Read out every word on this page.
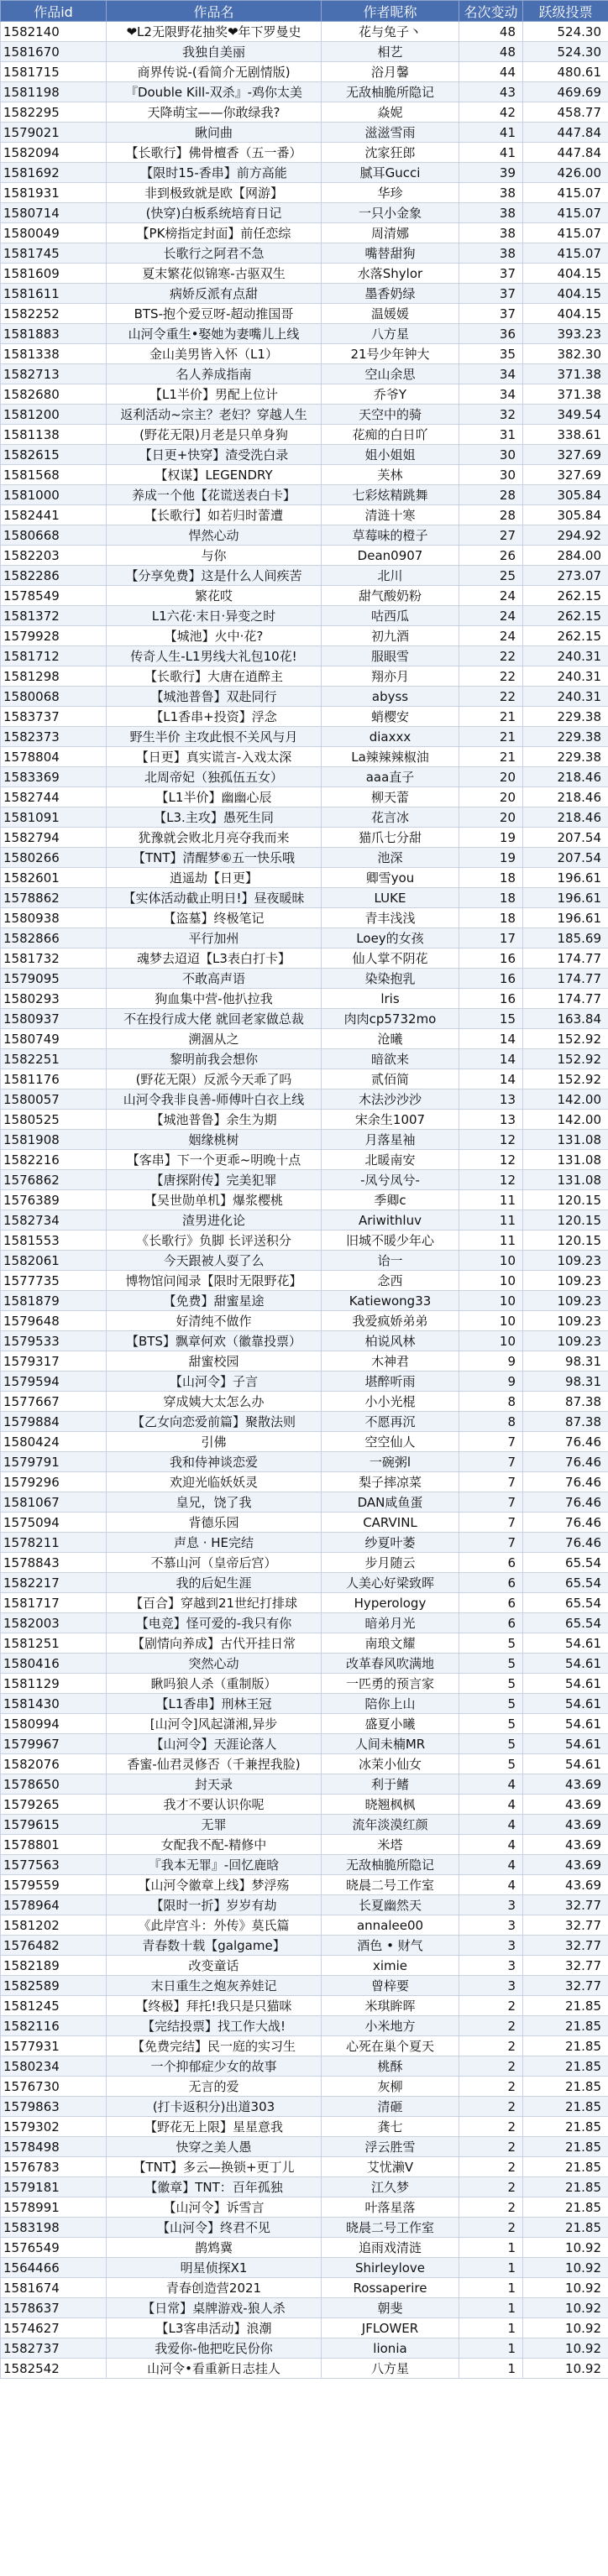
作品id	作品名	作者昵称	名次变动	跃级投票
1582140	❤L2无限野花抽奖❤年下罗曼史	花与兔子丶	48	524.30
1581670	我独自美丽	相艺	48	524.30
1581715	商界传说-(看简介无剧情版)	浴月馨	44	480.61
1581198	『Double Kill-双杀』-鸡你太美	无敌柚脆所隐记	43	469.69
1582295	天降萌宝——你敢绿我?	焱妮	42	458.77
1579021	瞅问曲	滋滋雪雨	41	447.84
1582094	【长歌行】佛骨檀香（五一番）	沈家狂郎	41	447.84
1581692	【限时15-香串】前方高能	腻耳Gucci	39	426.00
1581931	非到极致就是欧【网游】	华珍	38	415.07
1580714	(快穿)白板系统培育日记	一只小金象	38	415.07
1580049	【PK榜指定封面】前任恋综	周清娜	38	415.07
1581745	长歌行之阿君不急	嘴替甜狗	38	415.07
1581609	夏末繁花似锦寒-古驱双生	水落Shylor	37	404.15
1581611	病娇反派有点甜	墨香奶绿	37	404.15
1582252	BTS-抱个爱豆呀-超动推国哥	温媛媛	37	404.15
1581883	山河令重生•娶她为妻嘴儿上线	八方星	36	393.23
1581338	金山美男皆入怀（L1）	21号少年钟大	35	382.30
1582713	名人养成指南	空山余思	34	371.38
1582680	【L1半价】男配上位计	乔爷Y	34	371.38
1581200	返利活动~宗主？老妇？穿越人生	天空中的骑	32	349.54
1581138	(野花无限)月老是只单身狗	花痴的白日吖	31	338.61
1582615	【日更+快穿】渣受洗白录	姐小姐姐	30	327.69
1581568	【权谋】LEGENDRY	芙林	30	327.69
1581000	养成一个他【花谎送表白卡】	七彩炫精跳舞	28	305.84
1582441	【长歌行】如若归时蕾遭	清涟十寒	28	305.84
1580668	悍然心动	草莓味的橙子	27	294.92
1582203	与你	Dean0907	26	284.00
1582286	【分享免费】这是什么人间疾苦	北川	25	273.07
1578549	繁花哎	甜气酸奶粉	24	262.15
1581372	L1六花·末日·异变之时	咕西瓜	24	262.15
1579928	【城池】火中·花?	初九酒	24	262.15
1581712	传奇人生-L1男线大礼包10花!	服眼雪	22	240.31
1581298	【长歌行】大唐在逍醉主	翔亦月	22	240.31
1580068	【城池普鲁】双赴同行	abyss	22	240.31
1583737	【L1香串+投资】浮念	蛸樱安	21	229.38
1582373	野生半价 主攻此恨不关风与月	diaxxx	21	229.38
1578804	【日更】真实谎言-入戏太深	La辣辣辣椒油	21	229.38
1583369	北周帝妃（独孤伍五女）	aaa直子	20	218.46
1582744	【L1半价】幽幽心辰	柳天蕾	20	218.46
1581091	【L3.主攻】愚死生同	花言冰	20	218.46
1582794	犹豫就会败北月亮夺我而来	猫爪七分甜	19	207.54
1580266	【TNT】清醒梦⑥五一快乐哦	池深	19	207.54
1582601	逍遥劫【日更】	卿雪you	18	196.61
1578862	【实体活动截止明日!】昼夜暖昧	LUKE	18	196.61
1580938	【盗墓】终极笔记	青丰浅浅	18	196.61
1582866	平行加州	Loey的女孩	17	185.69
1581732	魂梦去迢迢【L3表白打卡】	仙人掌不阴花	16	174.77
1579095	不敢高声语	染染抱乳	16	174.77
1580293	狗血集中营-他扒拉我	lris	16	174.77
1580937	不在投行成大佬 就回老家做总裁	肉肉cp5732mo	15	163.84
1580749	溯涸从之	沧曦	14	152.92
1582251	黎明前我会想你	暗欲来	14	152.92
1581176	(野花无限）反派今天乖了吗	贰佰简	14	152.92
1580057	山河令我非良善-师傅叶白衣上线	木法沙沙沙	13	142.00
1580525	【城池普鲁】余生为期	宋余生1007	13	142.00
1581908	姻缘桃树	月落星袖	12	131.08
1582216	【客串】下一个更乖~明晚十点	北暖南安	12	131.08
1576862	【唐探附传】完美犯罪	-凤兮凤兮-	12	131.08
1576389	【吴世勋单机】爆浆樱桃	季卿c	11	120.15
1582734	渣男进化论	Ariwithluv	11	120.15
1581553	《长歌行》负脚 长评送积分	旧城不暖少年心	11	120.15
1582061	今天跟被人耍了么	诒一	10	109.23
1577735	博物馆问闻录【限时无限野花】	念西	10	109.23
1581879	【免费】甜蜜星途	Katiewong33	10	109.23
1579648	好清纯不做作	我爱疯娇弟弟	10	109.23
1579533	【BTS】飘章何欢（徽靠投票）	柏说风林	10	109.23
1579317	甜蜜校园	木神君	9	98.31
1579594	【山河令】子言	堪醉听雨	9	98.31
1577667	穿成姨大太怎么办	小小光棍	8	87.38
1579884	【乙女向恋爱前篇】聚散法则	不愿再沉	8	87.38
1580424	引佛	空空仙人	7	76.46
1579791	我和侍神谈恋爱	一碗粥l	7	76.46
1579296	欢迎光临妖妖灵	梨子摔凉菜	7	76.46
1581067	皇兄，饶了我	DAN咸鱼蛋	7	76.46
1575094	背德乐园	CARVINL	7	76.46
1578211	声息 · HE完结	纱夏叶萎	7	76.46
1578843	不慕山河（皇帝后宫）	步月随云	6	65.54
1582217	我的后妃生涯	人美心好梁致晖	6	65.54
1581717	【百合】穿越到21世纪打排球	Hyperology	6	65.54
1582003	【电竞】怪可爱的-我只有你	暗弟月光	6	65.54
1581251	【剧情向养成】古代开挂日常	南琅文耀	5	54.61
1580416	突然心动	改革春风吹满地	5	54.61
1581129	瞅吗狼人杀（重制版）	一匹勇的预言家	5	54.61
1581430	【L1香串】刑林王冠	陪你上山	5	54.61
1580994	[山河令]风起潇湘,异步	盛夏小曦	5	54.61
1579967	【山河令】天涯论落人	人间未楠MR	5	54.61
1582076	香蜜-仙君灵修否（千兼捏我脸)	冰茉小仙女	5	54.61
1578650	封天录	利于鳍	4	43.69
1579265	我才不要认识你呢	晓翘枫枫	4	43.69
1579615	无罪	流年淡漠红颜	4	43.69
1578801	女配我不配-精修中	米塔	4	43.69
1577563	『我本无罪』-回忆鹿晗	无敌柚脆所隐记	4	43.69
1579559	【山河令徽章上线】梦浮殇	晓晨二号工作室	4	43.69
1578964	【限时一折】岁岁有劫	长夏幽然天	3	32.77
1581202	《此岸宫斗：外传》莫氏篇	annalee00	3	32.77
1576482	青春数十载【galgame】	酒色 • 财气	3	32.77
1582189	改变童话	ximie	3	32.77
1582589	末日重生之炮灰养娃记	曾梓要	3	32.77
1581245	【终极】拜托!我只是只猫咪	米琪眸晖	2	21.85
1582116	【完结投票】找工作大战!	小米地方	2	21.85
1577931	【免费完结】民一庭的实习生	心死在巢个夏天	2	21.85
1580234	一个抑郁症少女的故事	桃酥	2	21.85
1576730	无言的爱	灰柳	2	21.85
1579863	(打卡返积分)出道303	清砸	2	21.85
1579302	【野花无上限】星星意我	龚七	2	21.85
1578498	快穿之美人愚	浮云胜雪	2	21.85
1576783	【TNT】多云—换锁+更丁儿	艾忧濑V	2	21.85
1579181	【徽章】TNT：百年孤独	江久梦	2	21.85
1578991	【山河令】诉雪言	叶落星落	2	21.85
1583198	【山河令】终君不见	晓晨二号工作室	2	21.85
1576549	鹊鸩冀	追雨戏清涟	1	10.92
1564466	明星侦探X1	Shirleylove	1	10.92
1581674	青春创造营2021	Rossaperire	1	10.92
1578637	【日常】桌牌游戏-狼人杀	朝斐	1	10.92
1574627	【L3客串活动】浪潮	JFLOWER	1	10.92
1582737	我爱你-他把吃民份你	lionia	1	10.92
1582542	山河令•看重新日志挂人	八方星	1	10.92
